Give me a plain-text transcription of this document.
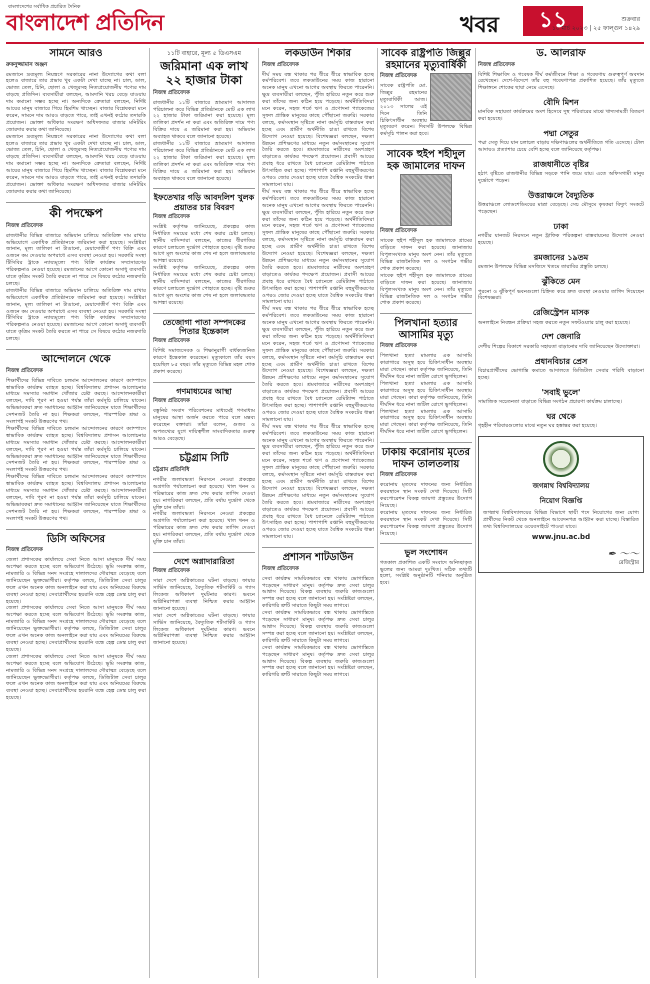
বাংলাদেশের সর্বাধিক প্রচারিত দৈনিক
বাংলাদেশ প্রতিদিন	খবর	১১	শুক্রবার
১০ মার্চ ২০২৩ | ২৫ ফাল্গুন ১৪২৯
সামনে আরও
রুকনুজ্জামান অঞ্জন

রমজানে দ্রব্যমূল্য নিয়ন্ত্রণে সরকারের নানা উদ্যোগের কথা বলা হলেও বাজারে তার প্রভাব খুব একটা দেখা যাচ্ছে না। চাল, ডাল, ভোজ্য তেল, চিনি, ছোলা ও খেজুরসহ নিত্যপ্রয়োজনীয় পণ্যের দাম বাড়ছে প্রতিদিন। ব্যবসায়ীরা বলছেন, আমদানি খরচ বেড়ে যাওয়ায় দাম কমানো সম্ভব হচ্ছে না। অন্যদিকে ক্রেতারা বলছেন, নির্দিষ্ট আয়ের মানুষ বাজারে গিয়ে হিমশিম খাচ্ছেন। বাজার বিশ্লেষকরা মনে করেন, সামনে দাম আরও বাড়তে পারে, তাই এখনই কঠোর তদারকি প্রয়োজন। ভোক্তা অধিকার সংরক্ষণ অধিদফতর বাজার মনিটরিং জোরদার করার কথা জানিয়েছে।

রমজানে দ্রব্যমূল্য নিয়ন্ত্রণে সরকারের নানা উদ্যোগের কথা বলা হলেও বাজারে তার প্রভাব খুব একটা দেখা যাচ্ছে না। চাল, ডাল, ভোজ্য তেল, চিনি, ছোলা ও খেজুরসহ নিত্যপ্রয়োজনীয় পণ্যের দাম বাড়ছে প্রতিদিন। ব্যবসায়ীরা বলছেন, আমদানি খরচ বেড়ে যাওয়ায় দাম কমানো সম্ভব হচ্ছে না। অন্যদিকে ক্রেতারা বলছেন, নির্দিষ্ট আয়ের মানুষ বাজারে গিয়ে হিমশিম খাচ্ছেন। বাজার বিশ্লেষকরা মনে করেন, সামনে দাম আরও বাড়তে পারে, তাই এখনই কঠোর তদারকি প্রয়োজন। ভোক্তা অধিকার সংরক্ষণ অধিদফতর বাজার মনিটরিং জোরদার করার কথা জানিয়েছে।

কী পদক্ষেপ
নিজস্ব প্রতিবেদক

রাজধানীর বিভিন্ন বাজারে অভিযান চালিয়ে অতিরিক্ত দাম রাখার অভিযোগে একাধিক প্রতিষ্ঠানকে জরিমানা করা হয়েছে। সংশ্লিষ্টরা জানান, মূল্য তালিকা না টাঙানো, মেয়াদোত্তীর্ণ পণ্য বিক্রি এবং ওজনে কম দেওয়ার অপরাধে এসব ব্যবস্থা নেওয়া হয়। সরকারি সংস্থা টিসিবির ট্রাকে ন্যায্যমূল্যে পণ্য বিক্রি কার্যক্রম সম্প্রসারণের পরিকল্পনাও নেওয়া হয়েছে। রমজানের আগে কোনো অসাধু ব্যবসায়ী যাতে কৃত্রিম সংকট তৈরি করতে না পারে সে বিষয়ে কঠোর নজরদারি চলছে।

রাজধানীর বিভিন্ন বাজারে অভিযান চালিয়ে অতিরিক্ত দাম রাখার অভিযোগে একাধিক প্রতিষ্ঠানকে জরিমানা করা হয়েছে। সংশ্লিষ্টরা জানান, মূল্য তালিকা না টাঙানো, মেয়াদোত্তীর্ণ পণ্য বিক্রি এবং ওজনে কম দেওয়ার অপরাধে এসব ব্যবস্থা নেওয়া হয়। সরকারি সংস্থা টিসিবির ট্রাকে ন্যায্যমূল্যে পণ্য বিক্রি কার্যক্রম সম্প্রসারণের পরিকল্পনাও নেওয়া হয়েছে। রমজানের আগে কোনো অসাধু ব্যবসায়ী যাতে কৃত্রিম সংকট তৈরি করতে না পারে সে বিষয়ে কঠোর নজরদারি চলছে।

আন্দোলনে থেকে
নিজস্ব প্রতিবেদক

শিক্ষার্থীদের বিভিন্ন দাবিতে চলমান আন্দোলনের কারণে ক্যাম্পাসে স্বাভাবিক কার্যক্রম ব্যাহত হচ্ছে। বিশ্ববিদ্যালয় প্রশাসন আলোচনার মাধ্যমে সমস্যার সমাধান খোঁজার চেষ্টা করছে। আন্দোলনকারীরা বলছেন, দাবি পূরণ না হওয়া পর্যন্ত তাঁরা কর্মসূচি চালিয়ে যাবেন। অভিভাবকরা দ্রুত সমাধানের আহ্বান জানিয়েছেন যাতে শিক্ষার্থীদের সেশনজট তৈরি না হয়। শিক্ষকরা বলছেন, পারস্পরিক শ্রদ্ধা ও সংলাপই সংকট উত্তরণের পথ।

শিক্ষার্থীদের বিভিন্ন দাবিতে চলমান আন্দোলনের কারণে ক্যাম্পাসে স্বাভাবিক কার্যক্রম ব্যাহত হচ্ছে। বিশ্ববিদ্যালয় প্রশাসন আলোচনার মাধ্যমে সমস্যার সমাধান খোঁজার চেষ্টা করছে। আন্দোলনকারীরা বলছেন, দাবি পূরণ না হওয়া পর্যন্ত তাঁরা কর্মসূচি চালিয়ে যাবেন। অভিভাবকরা দ্রুত সমাধানের আহ্বান জানিয়েছেন যাতে শিক্ষার্থীদের সেশনজট তৈরি না হয়। শিক্ষকরা বলছেন, পারস্পরিক শ্রদ্ধা ও সংলাপই সংকট উত্তরণের পথ।

শিক্ষার্থীদের বিভিন্ন দাবিতে চলমান আন্দোলনের কারণে ক্যাম্পাসে স্বাভাবিক কার্যক্রম ব্যাহত হচ্ছে। বিশ্ববিদ্যালয় প্রশাসন আলোচনার মাধ্যমে সমস্যার সমাধান খোঁজার চেষ্টা করছে। আন্দোলনকারীরা বলছেন, দাবি পূরণ না হওয়া পর্যন্ত তাঁরা কর্মসূচি চালিয়ে যাবেন। অভিভাবকরা দ্রুত সমাধানের আহ্বান জানিয়েছেন যাতে শিক্ষার্থীদের সেশনজট তৈরি না হয়। শিক্ষকরা বলছেন, পারস্পরিক শ্রদ্ধা ও সংলাপই সংকট উত্তরণের পথ।

ডিসি অফিসের
নিজস্ব প্রতিবেদক

জেলা প্রশাসকের কার্যালয়ে সেবা নিতে আসা মানুষকে দীর্ঘ সময় অপেক্ষা করতে হচ্ছে বলে অভিযোগ উঠেছে। ভূমি সংক্রান্ত কাজ, নামজারি ও বিভিন্ন সনদ সংগ্রহে দালালদের দৌরাত্ম্য বেড়েছে বলে জানিয়েছেন ভুক্তভোগীরা। কর্তৃপক্ষ বলছে, ডিজিটাল সেবা চালুর ফলে এখন অনেক কাজ অনলাইনে করা যায় এবং অনিয়মের বিরুদ্ধে ব্যবস্থা নেওয়া হচ্ছে। সেবাপ্রার্থীদের হয়রানি বন্ধে হেল্প ডেস্ক চালু করা হয়েছে।

জেলা প্রশাসকের কার্যালয়ে সেবা নিতে আসা মানুষকে দীর্ঘ সময় অপেক্ষা করতে হচ্ছে বলে অভিযোগ উঠেছে। ভূমি সংক্রান্ত কাজ, নামজারি ও বিভিন্ন সনদ সংগ্রহে দালালদের দৌরাত্ম্য বেড়েছে বলে জানিয়েছেন ভুক্তভোগীরা। কর্তৃপক্ষ বলছে, ডিজিটাল সেবা চালুর ফলে এখন অনেক কাজ অনলাইনে করা যায় এবং অনিয়মের বিরুদ্ধে ব্যবস্থা নেওয়া হচ্ছে। সেবাপ্রার্থীদের হয়রানি বন্ধে হেল্প ডেস্ক চালু করা হয়েছে।

জেলা প্রশাসকের কার্যালয়ে সেবা নিতে আসা মানুষকে দীর্ঘ সময় অপেক্ষা করতে হচ্ছে বলে অভিযোগ উঠেছে। ভূমি সংক্রান্ত কাজ, নামজারি ও বিভিন্ন সনদ সংগ্রহে দালালদের দৌরাত্ম্য বেড়েছে বলে জানিয়েছেন ভুক্তভোগীরা। কর্তৃপক্ষ বলছে, ডিজিটাল সেবা চালুর ফলে এখন অনেক কাজ অনলাইনে করা যায় এবং অনিয়মের বিরুদ্ধে ব্যবস্থা নেওয়া হচ্ছে। সেবাপ্রার্থীদের হয়রানি বন্ধে হেল্প ডেস্ক চালু করা হয়েছে।

১১টি বাহারে, মূল্য ৫ ডিএসএম
জরিমানা এক লাখ ২২ হাজার টাকা
নিজস্ব প্রতিবেদক

রাজধানীর ১১টি বাজারে ভ্রাম্যমাণ আদালত পরিচালনা করে বিভিন্ন প্রতিষ্ঠানকে মোট এক লাখ ২২ হাজার টাকা জরিমানা করা হয়েছে। মূল্য তালিকা প্রদর্শন না করা এবং অতিরিক্ত দামে পণ্য বিক্রির দায়ে এ জরিমানা করা হয়। অভিযান অব্যাহত থাকবে বলে জানানো হয়েছে।

রাজধানীর ১১টি বাজারে ভ্রাম্যমাণ আদালত পরিচালনা করে বিভিন্ন প্রতিষ্ঠানকে মোট এক লাখ ২২ হাজার টাকা জরিমানা করা হয়েছে। মূল্য তালিকা প্রদর্শন না করা এবং অতিরিক্ত দামে পণ্য বিক্রির দায়ে এ জরিমানা করা হয়। অভিযান অব্যাহত থাকবে বলে জানানো হয়েছে।

ইফতেখার গড়ি আবদলিশ খুলক প্রয়াতর চার বিবরণ
নিজস্ব প্রতিবেদক

সংশ্লিষ্ট কর্তৃপক্ষ জানিয়েছে, প্রকল্পের কাজ নির্ধারিত সময়ের মধ্যে শেষ করার চেষ্টা চলছে। স্থানীয় বাসিন্দারা বলছেন, কাজের ধীরগতির কারণে চলাচলে দুর্ভোগ পোহাতে হচ্ছে। বৃষ্টি শুরুর আগে মূল অংশের কাজ শেষ না হলে জলাবদ্ধতার আশঙ্কা রয়েছে।

সংশ্লিষ্ট কর্তৃপক্ষ জানিয়েছে, প্রকল্পের কাজ নির্ধারিত সময়ের মধ্যে শেষ করার চেষ্টা চলছে। স্থানীয় বাসিন্দারা বলছেন, কাজের ধীরগতির কারণে চলাচলে দুর্ভোগ পোহাতে হচ্ছে। বৃষ্টি শুরুর আগে মূল অংশের কাজ শেষ না হলে জলাবদ্ধতার আশঙ্কা রয়েছে।

তেজোগা পাতা সম্পদকের পিতার ইন্তেকাল
নিজস্ব প্রতিবেদক

বিশিষ্ট সমাজসেবক ও শিক্ষানুরাগী বার্ধক্যজনিত কারণে ইন্তেকাল করেছেন। মৃত্যুকালে তাঁর বয়স হয়েছিল ৮৫ বছর। তাঁর মৃত্যুতে বিভিন্ন মহল শোক প্রকাশ করেছে।

গণমাধ্যমের আস্থা
নিজস্ব প্রতিবেদক

বস্তুনিষ্ঠ সংবাদ পরিবেশনের মাধ্যমেই গণমাধ্যম মানুষের আস্থা অর্জন করতে পারে বলে মন্তব্য করেছেন বক্তারা। তাঁরা বলেন, গুজব ও অপতথ্যের যুগে দায়িত্বশীল সাংবাদিকতার গুরুত্ব আরও বেড়েছে।

চট্টগ্রাম সিটি
চট্টগ্রাম প্রতিনিধি

নগরীর জলাবদ্ধতা নিরসনে নেওয়া প্রকল্পের অগ্রগতি পর্যালোচনা করা হয়েছে। খাল খনন ও পরিষ্কারের কাজ দ্রুত শেষ করার তাগিদ দেওয়া হয়। নাগরিকরা বলছেন, প্রতি বর্ষায় দুর্ভোগ থেকে মুক্তি চান তাঁরা।

নগরীর জলাবদ্ধতা নিরসনে নেওয়া প্রকল্পের অগ্রগতি পর্যালোচনা করা হয়েছে। খাল খনন ও পরিষ্কারের কাজ দ্রুত শেষ করার তাগিদ দেওয়া হয়। নাগরিকরা বলছেন, প্রতি বর্ষায় দুর্ভোগ থেকে মুক্তি চান তাঁরা।

দেশে অগ্নাদারারিতা
নিজস্ব প্রতিবেদক

সারা দেশে অগ্নিকাণ্ডের ঘটনা বাড়ছে। ফায়ার সার্ভিস জানিয়েছে, বৈদ্যুতিক শর্টসার্কিট ও গ্যাস লিকেজ অধিকাংশ দুর্ঘটনার কারণ। ভবনে অগ্নিনিরাপত্তা ব্যবস্থা নিশ্চিত করার আহ্বান জানানো হয়েছে।

সারা দেশে অগ্নিকাণ্ডের ঘটনা বাড়ছে। ফায়ার সার্ভিস জানিয়েছে, বৈদ্যুতিক শর্টসার্কিট ও গ্যাস লিকেজ অধিকাংশ দুর্ঘটনার কারণ। ভবনে অগ্নিনিরাপত্তা ব্যবস্থা নিশ্চিত করার আহ্বান জানানো হয়েছে।

লকডাউন শিকার
নিজস্ব প্রতিবেদক

দীর্ঘ সময় বন্ধ থাকার পর ধীরে ধীরে স্বাভাবিক হচ্ছে কর্মপরিবেশ। তবে লকডাউনের সময় কাজ হারানো অনেক মানুষ এখনো আগের অবস্থায় ফিরতে পারেননি। ক্ষুদ্র ব্যবসায়ীরা বলছেন, পুঁজি হারিয়ে নতুন করে শুরু করা তাঁদের জন্য কঠিন হয়ে পড়েছে। অর্থনীতিবিদরা মনে করেন, সহজ শর্তে ঋণ ও প্রণোদনা প্যাকেজের সুফল প্রান্তিক মানুষের কাছে পৌঁছানো জরুরি। সরকার বলছে, কর্মসংস্থান সৃষ্টিতে নানা কর্মসূচি বাস্তবায়ন করা হচ্ছে এবং গ্রামীণ অর্থনীতি চাঙা রাখতে বিশেষ উদ্যোগ নেওয়া হয়েছে। বিশেষজ্ঞরা বলছেন, দক্ষতা উন্নয়ন প্রশিক্ষণের মাধ্যমে নতুন কর্মসংস্থানের সুযোগ তৈরি করতে হবে। শ্রমবাজারে নারীদের অংশগ্রহণ বাড়াতেও কার্যকর পদক্ষেপ প্রয়োজন। প্রবাসী আয়ের প্রবাহ ধরে রাখতে বৈধ চ্যানেলে রেমিট্যান্স পাঠাতে উৎসাহিত করা হচ্ছে। পাশাপাশি রপ্তানি বহুমুখীকরণের ওপরও জোর দেওয়া হচ্ছে যাতে বৈশ্বিক সংকটের ধাক্কা সামলানো যায়।

দীর্ঘ সময় বন্ধ থাকার পর ধীরে ধীরে স্বাভাবিক হচ্ছে কর্মপরিবেশ। তবে লকডাউনের সময় কাজ হারানো অনেক মানুষ এখনো আগের অবস্থায় ফিরতে পারেননি। ক্ষুদ্র ব্যবসায়ীরা বলছেন, পুঁজি হারিয়ে নতুন করে শুরু করা তাঁদের জন্য কঠিন হয়ে পড়েছে। অর্থনীতিবিদরা মনে করেন, সহজ শর্তে ঋণ ও প্রণোদনা প্যাকেজের সুফল প্রান্তিক মানুষের কাছে পৌঁছানো জরুরি। সরকার বলছে, কর্মসংস্থান সৃষ্টিতে নানা কর্মসূচি বাস্তবায়ন করা হচ্ছে এবং গ্রামীণ অর্থনীতি চাঙা রাখতে বিশেষ উদ্যোগ নেওয়া হয়েছে। বিশেষজ্ঞরা বলছেন, দক্ষতা উন্নয়ন প্রশিক্ষণের মাধ্যমে নতুন কর্মসংস্থানের সুযোগ তৈরি করতে হবে। শ্রমবাজারে নারীদের অংশগ্রহণ বাড়াতেও কার্যকর পদক্ষেপ প্রয়োজন। প্রবাসী আয়ের প্রবাহ ধরে রাখতে বৈধ চ্যানেলে রেমিট্যান্স পাঠাতে উৎসাহিত করা হচ্ছে। পাশাপাশি রপ্তানি বহুমুখীকরণের ওপরও জোর দেওয়া হচ্ছে যাতে বৈশ্বিক সংকটের ধাক্কা সামলানো যায়।

দীর্ঘ সময় বন্ধ থাকার পর ধীরে ধীরে স্বাভাবিক হচ্ছে কর্মপরিবেশ। তবে লকডাউনের সময় কাজ হারানো অনেক মানুষ এখনো আগের অবস্থায় ফিরতে পারেননি। ক্ষুদ্র ব্যবসায়ীরা বলছেন, পুঁজি হারিয়ে নতুন করে শুরু করা তাঁদের জন্য কঠিন হয়ে পড়েছে। অর্থনীতিবিদরা মনে করেন, সহজ শর্তে ঋণ ও প্রণোদনা প্যাকেজের সুফল প্রান্তিক মানুষের কাছে পৌঁছানো জরুরি। সরকার বলছে, কর্মসংস্থান সৃষ্টিতে নানা কর্মসূচি বাস্তবায়ন করা হচ্ছে এবং গ্রামীণ অর্থনীতি চাঙা রাখতে বিশেষ উদ্যোগ নেওয়া হয়েছে। বিশেষজ্ঞরা বলছেন, দক্ষতা উন্নয়ন প্রশিক্ষণের মাধ্যমে নতুন কর্মসংস্থানের সুযোগ তৈরি করতে হবে। শ্রমবাজারে নারীদের অংশগ্রহণ বাড়াতেও কার্যকর পদক্ষেপ প্রয়োজন। প্রবাসী আয়ের প্রবাহ ধরে রাখতে বৈধ চ্যানেলে রেমিট্যান্স পাঠাতে উৎসাহিত করা হচ্ছে। পাশাপাশি রপ্তানি বহুমুখীকরণের ওপরও জোর দেওয়া হচ্ছে যাতে বৈশ্বিক সংকটের ধাক্কা সামলানো যায়।

দীর্ঘ সময় বন্ধ থাকার পর ধীরে ধীরে স্বাভাবিক হচ্ছে কর্মপরিবেশ। তবে লকডাউনের সময় কাজ হারানো অনেক মানুষ এখনো আগের অবস্থায় ফিরতে পারেননি। ক্ষুদ্র ব্যবসায়ীরা বলছেন, পুঁজি হারিয়ে নতুন করে শুরু করা তাঁদের জন্য কঠিন হয়ে পড়েছে। অর্থনীতিবিদরা মনে করেন, সহজ শর্তে ঋণ ও প্রণোদনা প্যাকেজের সুফল প্রান্তিক মানুষের কাছে পৌঁছানো জরুরি। সরকার বলছে, কর্মসংস্থান সৃষ্টিতে নানা কর্মসূচি বাস্তবায়ন করা হচ্ছে এবং গ্রামীণ অর্থনীতি চাঙা রাখতে বিশেষ উদ্যোগ নেওয়া হয়েছে। বিশেষজ্ঞরা বলছেন, দক্ষতা উন্নয়ন প্রশিক্ষণের মাধ্যমে নতুন কর্মসংস্থানের সুযোগ তৈরি করতে হবে। শ্রমবাজারে নারীদের অংশগ্রহণ বাড়াতেও কার্যকর পদক্ষেপ প্রয়োজন। প্রবাসী আয়ের প্রবাহ ধরে রাখতে বৈধ চ্যানেলে রেমিট্যান্স পাঠাতে উৎসাহিত করা হচ্ছে। পাশাপাশি রপ্তানি বহুমুখীকরণের ওপরও জোর দেওয়া হচ্ছে যাতে বৈশ্বিক সংকটের ধাক্কা সামলানো যায়।

প্রশাসন শাটডাউন
নিজস্ব প্রতিবেদক

সেবা কার্যক্রম সাময়িকভাবে বন্ধ থাকায় ভোগান্তিতে পড়েছেন সাধারণ মানুষ। কর্তৃপক্ষ দ্রুত সেবা চালুর আশ্বাস দিয়েছে। বিকল্প ব্যবস্থায় জরুরি কাজগুলো সম্পন্ন করা হচ্ছে বলে জানানো হয়। সংশ্লিষ্টরা বলছেন, কারিগরি ত্রুটি সারাতে কিছুটা সময় লাগবে।

সেবা কার্যক্রম সাময়িকভাবে বন্ধ থাকায় ভোগান্তিতে পড়েছেন সাধারণ মানুষ। কর্তৃপক্ষ দ্রুত সেবা চালুর আশ্বাস দিয়েছে। বিকল্প ব্যবস্থায় জরুরি কাজগুলো সম্পন্ন করা হচ্ছে বলে জানানো হয়। সংশ্লিষ্টরা বলছেন, কারিগরি ত্রুটি সারাতে কিছুটা সময় লাগবে।

সেবা কার্যক্রম সাময়িকভাবে বন্ধ থাকায় ভোগান্তিতে পড়েছেন সাধারণ মানুষ। কর্তৃপক্ষ দ্রুত সেবা চালুর আশ্বাস দিয়েছে। বিকল্প ব্যবস্থায় জরুরি কাজগুলো সম্পন্ন করা হচ্ছে বলে জানানো হয়। সংশ্লিষ্টরা বলছেন, কারিগরি ত্রুটি সারাতে কিছুটা সময় লাগবে।

সাবেক রাষ্ট্রপতি জিল্লুর রহমানের মৃত্যুবার্ষিকী
নিজস্ব প্রতিবেদক

সাবেক রাষ্ট্রপতি মো. জিল্লুর রহমানের মৃত্যুবার্ষিকী আজ। ২০১৩ সালের এই দিনে তিনি চিকিৎসাধীন অবস্থায় মৃত্যুবরণ করেন। দিবসটি উপলক্ষে বিভিন্ন কর্মসূচি পালন করা হবে।

সাবেক হুইপ শহীদুল হক জামালের দাফন
নিজস্ব প্রতিবেদক

সাবেক হুইপ শহীদুল হক জামালকে গ্রামের বাড়িতে দাফন করা হয়েছে। জানাজায় বিপুলসংখ্যক মানুষ অংশ নেন। তাঁর মৃত্যুতে বিভিন্ন রাজনৈতিক দল ও সংগঠন গভীর শোক প্রকাশ করেছে।

সাবেক হুইপ শহীদুল হক জামালকে গ্রামের বাড়িতে দাফন করা হয়েছে। জানাজায় বিপুলসংখ্যক মানুষ অংশ নেন। তাঁর মৃত্যুতে বিভিন্ন রাজনৈতিক দল ও সংগঠন গভীর শোক প্রকাশ করেছে।

পিলখানা হত্যার আসামির মৃত্যু
নিজস্ব প্রতিবেদক

পিলখানা হত্যা মামলার এক আসামি কারাগারে অসুস্থ হয়ে চিকিৎসাধীন অবস্থায় মারা গেছেন। কারা কর্তৃপক্ষ জানিয়েছে, তিনি দীর্ঘদিন ধরে নানা জটিল রোগে ভুগছিলেন।

পিলখানা হত্যা মামলার এক আসামি কারাগারে অসুস্থ হয়ে চিকিৎসাধীন অবস্থায় মারা গেছেন। কারা কর্তৃপক্ষ জানিয়েছে, তিনি দীর্ঘদিন ধরে নানা জটিল রোগে ভুগছিলেন।

পিলখানা হত্যা মামলার এক আসামি কারাগারে অসুস্থ হয়ে চিকিৎসাধীন অবস্থায় মারা গেছেন। কারা কর্তৃপক্ষ জানিয়েছে, তিনি দীর্ঘদিন ধরে নানা জটিল রোগে ভুগছিলেন।

ঢাকায় করোনায় মৃতের দাফন তালতলায়
নিজস্ব প্রতিবেদক

করোনায় মৃতদের দাফনের জন্য নির্ধারিত কবরস্থানে স্থান সংকট দেখা দিয়েছে। সিটি করপোরেশন বিকল্প জায়গা প্রস্তুতের উদ্যোগ নিয়েছে।

করোনায় মৃতদের দাফনের জন্য নির্ধারিত কবরস্থানে স্থান সংকট দেখা দিয়েছে। সিটি করপোরেশন বিকল্প জায়গা প্রস্তুতের উদ্যোগ নিয়েছে।

ভুল সংশোধন

গতকাল প্রকাশিত একটি সংবাদে অনিচ্ছাকৃত ভুলের জন্য আমরা দুঃখিত। সঠিক তথ্যটি হলো, সংশ্লিষ্ট অনুষ্ঠানটি শনিবার অনুষ্ঠিত হবে।

ড. আলরাফ
নিজস্ব প্রতিবেদক

বিশিষ্ট শিক্ষাবিদ ও গবেষক দীর্ঘ কর্মজীবনে শিক্ষা ও গবেষণায় গুরুত্বপূর্ণ অবদান রেখেছেন। দেশে-বিদেশে তাঁর বহু গবেষণাপত্র প্রকাশিত হয়েছে। তাঁর মৃত্যুতে শিক্ষাঙ্গনে শোকের ছায়া নেমে এসেছে।

বৌদি মিশন

মানবিক সহায়তা কার্যক্রমের অংশ হিসেবে দুস্থ পরিবারের মাঝে খাদ্যসামগ্রী বিতরণ করা হয়েছে।

পদ্মা সেতুর

পদ্মা সেতু দিয়ে যান চলাচল বাড়ায় দক্ষিণাঞ্চলের অর্থনীতিতে গতি এসেছে। টোল আদায়ও প্রত্যাশার চেয়ে বেশি হচ্ছে বলে জানিয়েছে কর্তৃপক্ষ।

রাজধানীতে বৃষ্টির

হঠাৎ বৃষ্টিতে রাজধানীর বিভিন্ন সড়কে পানি জমে যায়। এতে অফিসগামী মানুষ দুর্ভোগে পড়েন।

উত্তরাঞ্চলে বৈদ্যুতিক

উত্তরাঞ্চলে লোডশেডিংয়ের মাত্রা বেড়েছে। সেচ মৌসুমে কৃষকরা বিদ্যুৎ সংকটে পড়েছেন।

ঢাকা

নগরীর যানজট নিরসনে নতুন ট্রাফিক পরিকল্পনা বাস্তবায়নের উদ্যোগ নেওয়া হয়েছে।

রমজানের ১৯তম

রমজান উপলক্ষে বিভিন্ন মসজিদে খতমে তারাবির প্রস্তুতি চলছে।

ঝুঁকিতে মেন

পুরনো ও ঝুঁকিপূর্ণ ভবনগুলো চিহ্নিত করে দ্রুত ব্যবস্থা নেওয়ার তাগিদ দিয়েছেন বিশেষজ্ঞরা।

রেজিস্ট্রেশন মাসক

অনলাইনে নিবন্ধন প্রক্রিয়া সহজ করতে নতুন সফটওয়্যার চালু করা হয়েছে।

দেশ জেনারি

দেশীয় শিল্পের বিকাশে সরকারি সহায়তা বাড়ানোর দাবি জানিয়েছেন উদ্যোক্তারা।

প্রধানবিচার প্রেস

বিচারপ্রার্থীদের ভোগান্তি কমাতে আদালতে ডিজিটাল সেবার পরিধি বাড়ানো হচ্ছে।

'সবাই ভুলে'

সামাজিক সচেতনতা বাড়াতে বিভিন্ন সংগঠন প্রচারণা কার্যক্রম চালাচ্ছে।

ঘর থেকে

গৃহহীন পরিবারগুলোর মাঝে নতুন ঘর হস্তান্তর করা হয়েছে।

জগন্নাথ বিশ্ববিদ্যালয়
নিয়োগ বিজ্ঞপ্তি

জগন্নাথ বিশ্ববিদ্যালয়ের বিভিন্ন বিভাগে স্থায়ী পদে নিয়োগের জন্য যোগ্য প্রার্থীদের নিকট থেকে অনলাইনে আবেদনপত্র আহ্বান করা যাচ্ছে। বিস্তারিত তথ্য বিশ্ববিদ্যালয়ের ওয়েবসাইটে পাওয়া যাবে।

www.jnu.ac.bd
✒ ～～
রেজিস্ট্রার
